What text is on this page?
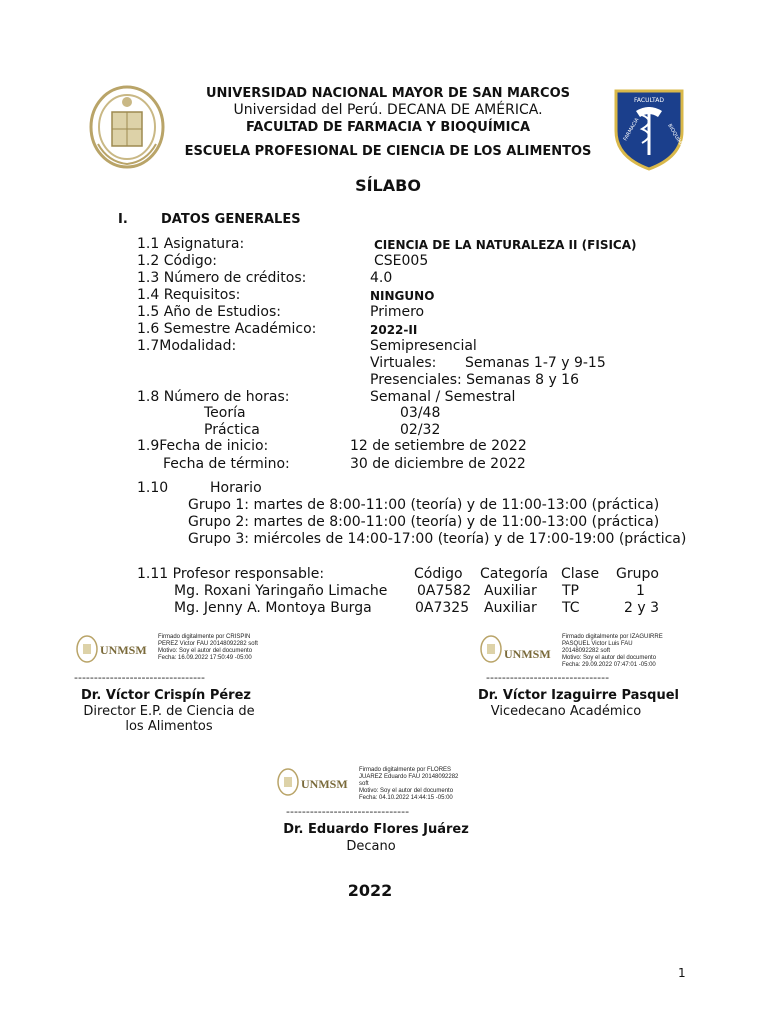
FACULTAD
FARMACIA	BIOQUÍMICA
UNIVERSIDAD NACIONAL MAYOR DE SAN MARCOS
Universidad del Perú. DECANA DE AMÉRICA.
FACULTAD DE FARMACIA Y BIOQUÍMICA
ESCUELA PROFESIONAL DE CIENCIA DE LOS ALIMENTOS
SÍLABO
I.	DATOS GENERALES
1.1 Asignatura:	CIENCIA DE LA NATURALEZA II (FISICA)
1.2 Código:	CSE005
1.3 Número de créditos:	4.0
1.4 Requisitos:	NINGUNO
1.5 Año de Estudios:	Primero
1.6 Semestre Académico:	2022-II
1.7Modalidad:	Semipresencial
Virtuales: Semanas 1-7 y 9-15
Presenciales: Semanas 8 y 16
1.8 Número de horas:	Semanal / Semestral
Teoría	03/48
Práctica	02/32
1.9Fecha de inicio:	12 de setiembre de 2022
Fecha de término:	30 de diciembre de 2022
1.10	Horario
Grupo 1: martes de 8:00-11:00 (teoría) y de 11:00-13:00 (práctica)
Grupo 2: martes de 8:00-11:00 (teoría) y de 11:00-13:00 (práctica)
Grupo 3: miércoles de 14:00-17:00 (teoría) y de 17:00-19:00 (práctica)
1.11 Profesor responsable:	Código Categoría Clase Grupo
Mg. Roxani Yaringaño Limache 0A7582 Auxiliar TP	1
Mg. Jenny A. Montoya Burga	0A7325 Auxiliar TC	2 y 3
UNMSM
Firmado digitalmente por CRISPIN
PEREZ Victor FAU 20148092282 soft
Motivo: Soy el autor del documento
Fecha: 16.09.2022 17:50:49 -05:00
---------------------------------
Dr. Víctor Crispín Pérez
Director E.P. de Ciencia de
los Alimentos
UNMSM
Firmado digitalmente por IZAGUIRRE
PASQUEL Victor Luis FAU
20148092282 soft
Motivo: Soy el autor del documento
Fecha: 29.09.2022 07:47:01 -05:00
-------------------------------
Dr. Víctor Izaguirre Pasquel
Vicedecano Académico
UNMSM
Firmado digitalmente por FLORES
JUAREZ Eduardo FAU 20148092282
soft
Motivo: Soy el autor del documento
Fecha: 04.10.2022 14:44:15 -05:00
-------------------------------
Dr. Eduardo Flores Juárez
Decano
2022
1
